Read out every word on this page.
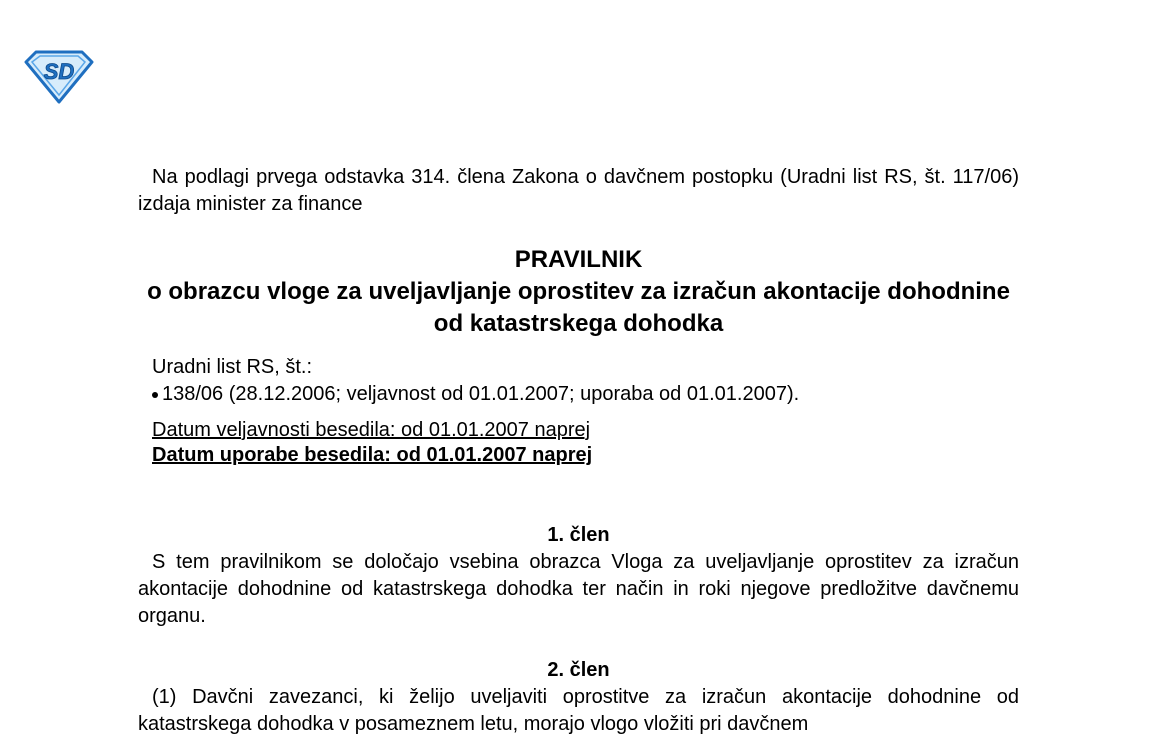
SD

Na podlagi prvega odstavka 314. člena Zakona o davčnem postopku (Uradni list RS, št. 117/06) izdaja minister za finance

PRAVILNIK

o obrazcu vloge za uveljavljanje oprostitev za izračun akontacije dohodnine od katastrskega dohodka

Uradni list RS, št.:
138/06 (28.12.2006; veljavnost od 01.01.2007; uporaba od 01.01.2007).
Datum veljavnosti besedila: od 01.01.2007 naprej
Datum uporabe besedila: od 01.01.2007 naprej

1. člen

S tem pravilnikom se določajo vsebina obrazca Vloga za uveljavljanje oprostitev za izračun akontacije dohodnine od katastrskega dohodka ter način in roki njegove predložitve davčnemu organu.

2. člen

(1) Davčni zavezanci, ki želijo uveljaviti oprostitve za izračun akontacije dohodnine od katastrskega dohodka v posameznem letu, morajo vlogo vložiti pri davčnem
